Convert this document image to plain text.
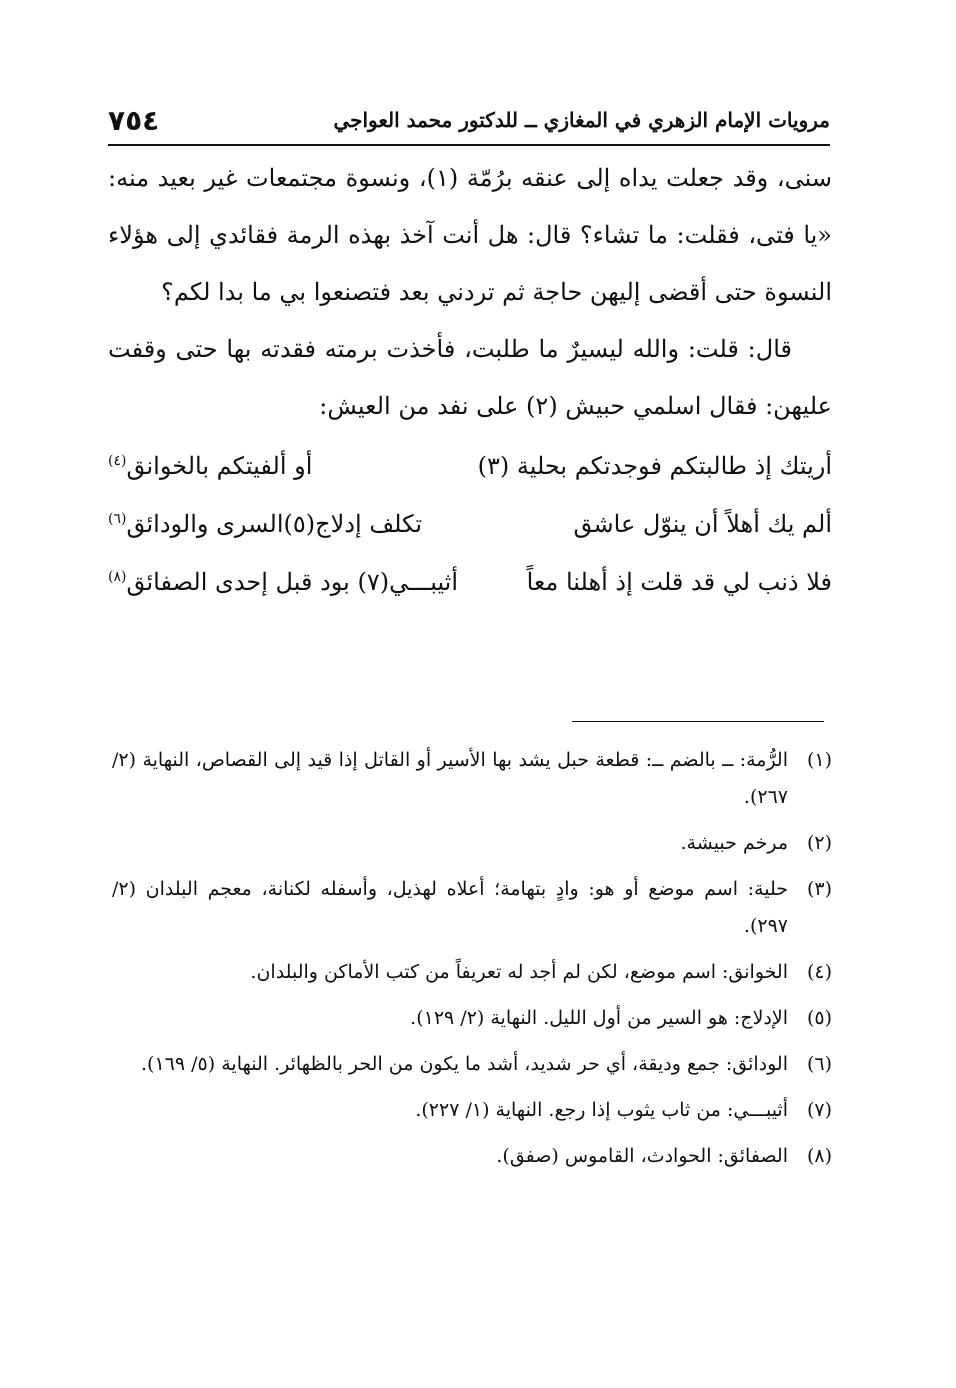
مرويات الإمام الزهري في المغازي ــ للدكتور محمد العواجي
٧٥٤

سنى، وقد جعلت يداه إلى عنقه برُمّة (١)، ونسوة مجتمعات غير بعيد منه: «يا فتى، فقلت: ما تشاء؟ قال: هل أنت آخذ بهذه الرمة فقائدي إلى هؤلاء النسوة حتى أقضى إليهن حاجة ثم تردني بعد فتصنعوا بي ما بدا لكم؟

قال: قلت: والله ليسيرٌ ما طلبت، فأخذت برمته فقدته بها حتى وقفت عليهن: فقال اسلمي حبيش (٢) على نفد من العيش:

أريتك إذ طالبتكم فوجدتكم بحلية (٣)
أو ألفيتكم بالخوانق$^{(٤)}$
ألم يك أهلاً أن ينوّل عاشق
تكلف إدلاج(٥)السرى والودائق$^{(٦)}$
فلا ذنب لي قد قلت إذ أهلنا معاً
أثيبـــي(٧) بود قبل إحدى الصفائق$^{(٨)}$
(١)
الرُّمة: ــ بالضم ــ: قطعة حبل يشد بها الأسير أو القاتل إذا قيد إلى القصاص، النهاية (٢/ ٢٦٧).
(٢)
مرخم حبيشة.
(٣)
حلية: اسم موضع أو هو: وادٍ بتهامة؛ أعلاه لهذيل، وأسفله لكنانة، معجم البلدان (٢/ ٢٩٧).
(٤)
الخوانق: اسم موضع، لكن لم أجد له تعريفاً من كتب الأماكن والبلدان.
(٥)
الإدلاج: هو السير من أول الليل. النهاية (٢/ ١٢٩).
(٦)
الودائق: جمع وديقة، أي حر شديد، أشد ما يكون من الحر بالظهائر. النهاية (٥/ ١٦٩).
(٧)
أثيبـــي: من ثاب يثوب إذا رجع. النهاية (١/ ٢٢٧).
(٨)
الصفائق: الحوادث، القاموس (صفق).
